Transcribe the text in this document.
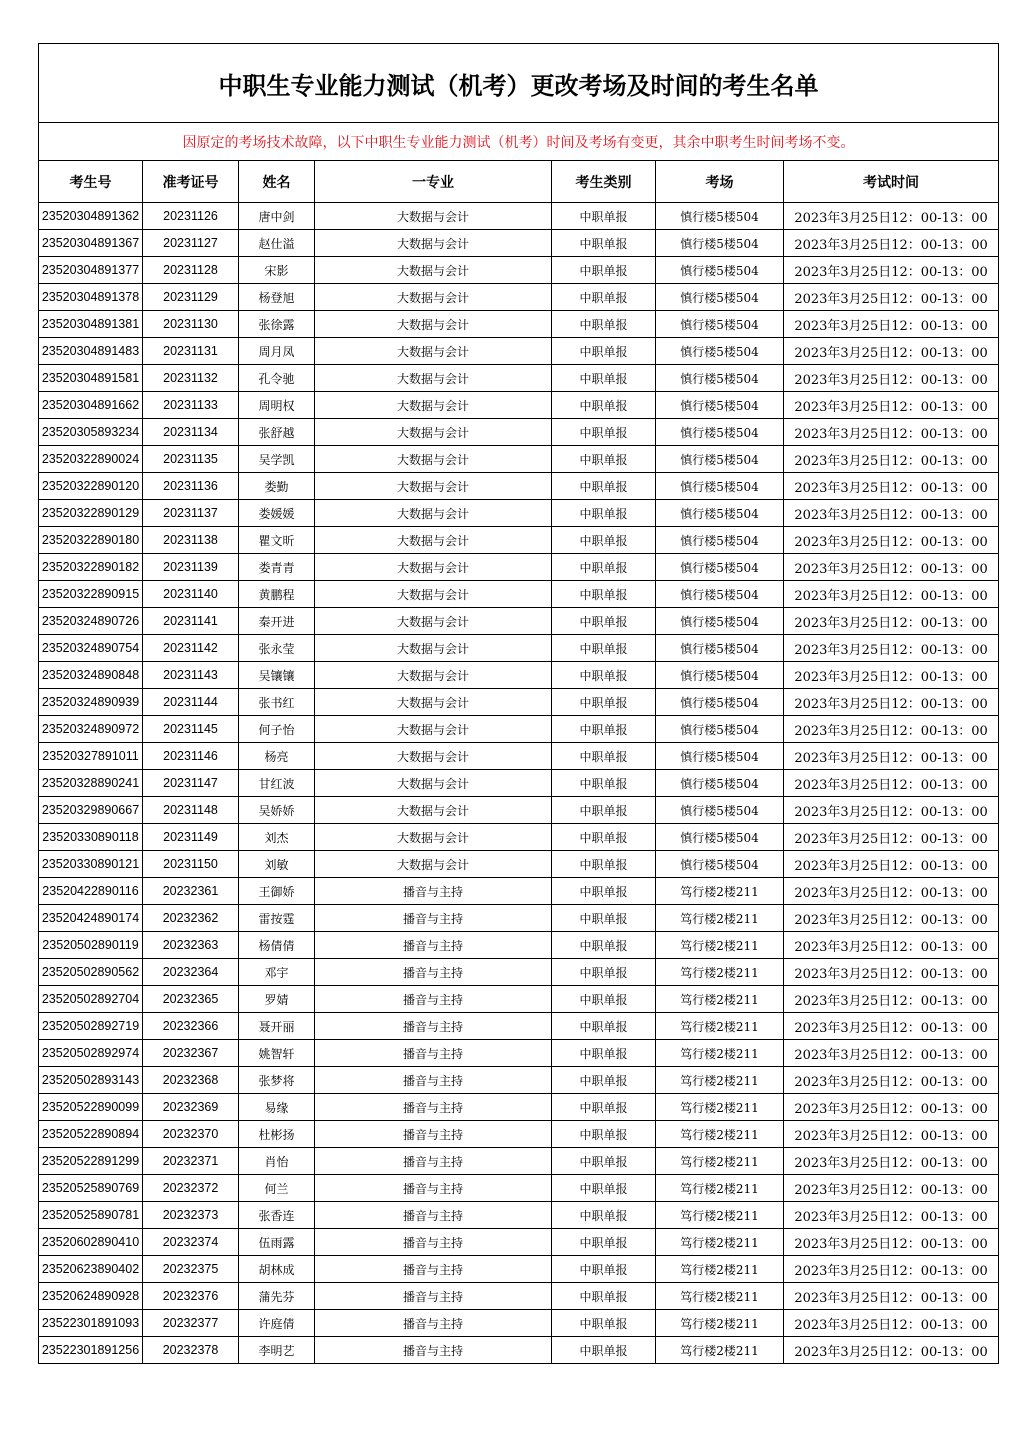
中职生专业能力测试（机考）更改考场及时间的考生名单						
因原定的考场技术故障，以下中职生专业能力测试（机考）时间及考场有变更，其余中职考生时间考场不变。						
考生号	准考证号	姓名	一专业	考生类别	考场	考试时间
23520304891362	20231126	唐中剑	大数据与会计	中职单报	慎行楼5楼504	2023年3月25日12：00-13：00
23520304891367	20231127	赵仕溢	大数据与会计	中职单报	慎行楼5楼504	2023年3月25日12：00-13：00
23520304891377	20231128	宋影	大数据与会计	中职单报	慎行楼5楼504	2023年3月25日12：00-13：00
23520304891378	20231129	杨登旭	大数据与会计	中职单报	慎行楼5楼504	2023年3月25日12：00-13：00
23520304891381	20231130	张徐露	大数据与会计	中职单报	慎行楼5楼504	2023年3月25日12：00-13：00
23520304891483	20231131	周月凤	大数据与会计	中职单报	慎行楼5楼504	2023年3月25日12：00-13：00
23520304891581	20231132	孔令驰	大数据与会计	中职单报	慎行楼5楼504	2023年3月25日12：00-13：00
23520304891662	20231133	周明权	大数据与会计	中职单报	慎行楼5楼504	2023年3月25日12：00-13：00
23520305893234	20231134	张舒越	大数据与会计	中职单报	慎行楼5楼504	2023年3月25日12：00-13：00
23520322890024	20231135	吴学凯	大数据与会计	中职单报	慎行楼5楼504	2023年3月25日12：00-13：00
23520322890120	20231136	娄勤	大数据与会计	中职单报	慎行楼5楼504	2023年3月25日12：00-13：00
23520322890129	20231137	娄媛媛	大数据与会计	中职单报	慎行楼5楼504	2023年3月25日12：00-13：00
23520322890180	20231138	瞿文昕	大数据与会计	中职单报	慎行楼5楼504	2023年3月25日12：00-13：00
23520322890182	20231139	娄青青	大数据与会计	中职单报	慎行楼5楼504	2023年3月25日12：00-13：00
23520322890915	20231140	黄鹏程	大数据与会计	中职单报	慎行楼5楼504	2023年3月25日12：00-13：00
23520324890726	20231141	秦开进	大数据与会计	中职单报	慎行楼5楼504	2023年3月25日12：00-13：00
23520324890754	20231142	张永莹	大数据与会计	中职单报	慎行楼5楼504	2023年3月25日12：00-13：00
23520324890848	20231143	吴镶镶	大数据与会计	中职单报	慎行楼5楼504	2023年3月25日12：00-13：00
23520324890939	20231144	张书红	大数据与会计	中职单报	慎行楼5楼504	2023年3月25日12：00-13：00
23520324890972	20231145	何子怡	大数据与会计	中职单报	慎行楼5楼504	2023年3月25日12：00-13：00
23520327891011	20231146	杨亮	大数据与会计	中职单报	慎行楼5楼504	2023年3月25日12：00-13：00
23520328890241	20231147	甘红波	大数据与会计	中职单报	慎行楼5楼504	2023年3月25日12：00-13：00
23520329890667	20231148	吴娇娇	大数据与会计	中职单报	慎行楼5楼504	2023年3月25日12：00-13：00
23520330890118	20231149	刘杰	大数据与会计	中职单报	慎行楼5楼504	2023年3月25日12：00-13：00
23520330890121	20231150	刘敏	大数据与会计	中职单报	慎行楼5楼504	2023年3月25日12：00-13：00
23520422890116	20232361	王御娇	播音与主持	中职单报	笃行楼2楼211	2023年3月25日12：00-13：00
23520424890174	20232362	雷按霆	播音与主持	中职单报	笃行楼2楼211	2023年3月25日12：00-13：00
23520502890119	20232363	杨倩倩	播音与主持	中职单报	笃行楼2楼211	2023年3月25日12：00-13：00
23520502890562	20232364	邓宇	播音与主持	中职单报	笃行楼2楼211	2023年3月25日12：00-13：00
23520502892704	20232365	罗婧	播音与主持	中职单报	笃行楼2楼211	2023年3月25日12：00-13：00
23520502892719	20232366	聂开丽	播音与主持	中职单报	笃行楼2楼211	2023年3月25日12：00-13：00
23520502892974	20232367	姚智轩	播音与主持	中职单报	笃行楼2楼211	2023年3月25日12：00-13：00
23520502893143	20232368	张梦将	播音与主持	中职单报	笃行楼2楼211	2023年3月25日12：00-13：00
23520522890099	20232369	易缘	播音与主持	中职单报	笃行楼2楼211	2023年3月25日12：00-13：00
23520522890894	20232370	杜彬扬	播音与主持	中职单报	笃行楼2楼211	2023年3月25日12：00-13：00
23520522891299	20232371	肖怡	播音与主持	中职单报	笃行楼2楼211	2023年3月25日12：00-13：00
23520525890769	20232372	何兰	播音与主持	中职单报	笃行楼2楼211	2023年3月25日12：00-13：00
23520525890781	20232373	张香连	播音与主持	中职单报	笃行楼2楼211	2023年3月25日12：00-13：00
23520602890410	20232374	伍雨露	播音与主持	中职单报	笃行楼2楼211	2023年3月25日12：00-13：00
23520623890402	20232375	胡林成	播音与主持	中职单报	笃行楼2楼211	2023年3月25日12：00-13：00
23520624890928	20232376	蒲先芬	播音与主持	中职单报	笃行楼2楼211	2023年3月25日12：00-13：00
23522301891093	20232377	许庭倩	播音与主持	中职单报	笃行楼2楼211	2023年3月25日12：00-13：00
23522301891256	20232378	李明艺	播音与主持	中职单报	笃行楼2楼211	2023年3月25日12：00-13：00
